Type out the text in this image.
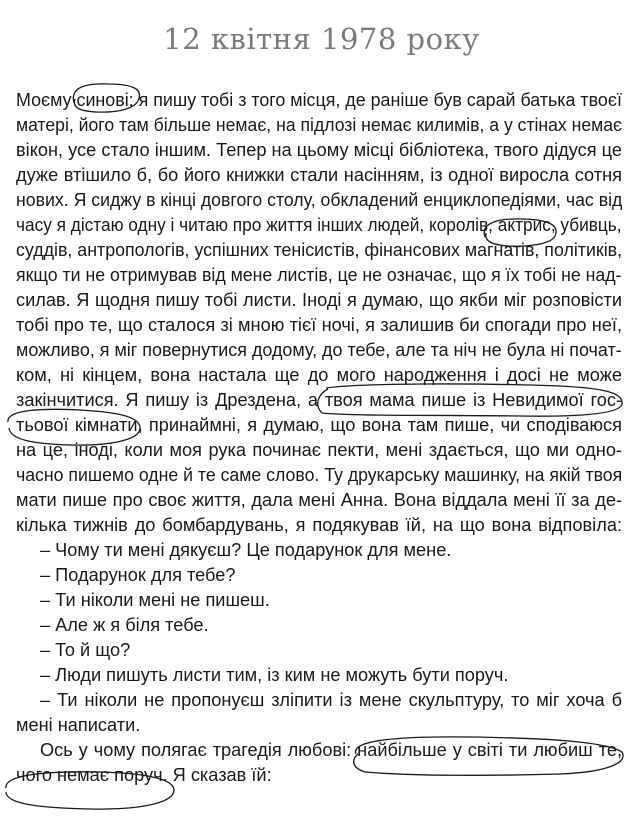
12 квітня 1978 року
Моєму синові: я пишу тобі з того місця, де раніше був сарай батька твоєї
матері, його там більше немає, на підлозі немає килимів, а у стінах немає
вікон, усе стало іншим. Тепер на цьому місці бібліотека, твого дідуся це
дуже втішило б, бо його книжки стали насінням, із одної виросла сотня
нових. Я сиджу в кінці довгого столу, обкладений енциклопедіями, час від
часу я дістаю одну і читаю про життя інших людей, королів, актрис, убивць,
суддів, антропологів, успішних тенісистів, фінансових магнатів, політиків,
якщо ти не отримував від мене листів, це не означає, що я їх тобі не над-
силав. Я щодня пишу тобі листи. Іноді я думаю, що якби міг розповісти
тобі про те, що сталося зі мною тієї ночі, я залишив би спогади про неї,
можливо, я міг повернутися додому, до тебе, але та ніч не була ні почат-
ком, ні кінцем, вона настала ще до мого народження і досі не може
закінчитися. Я пишу із Дрездена, а твоя мама пише із Невидимої гос-
тьової кімнати, принаймні, я думаю, що вона там пише, чи сподіваюся
на це, іноді, коли моя рука починає пекти, мені здається, що ми одно-
часно пишемо одне й те саме слово. Ту друкарську машинку, на якій твоя
мати пише про своє життя, дала мені Анна. Вона віддала мені її за де-
кілька тижнів до бомбардувань, я подякував їй, на що вона відповіла:
– Чому ти мені дякуєш? Це подарунок для мене.
– Подарунок для тебе?
– Ти ніколи мені не пишеш.
– Але ж я біля тебе.
– То й що?
– Люди пишуть листи тим, із ким не можуть бути поруч.
– Ти ніколи не пропонуєш зліпити із мене скульптуру, то міг хоча б
мені написати.
Ось у чому полягає трагедія любові: найбільше у світі ти любиш те,
чого немає поруч. Я сказав їй:
